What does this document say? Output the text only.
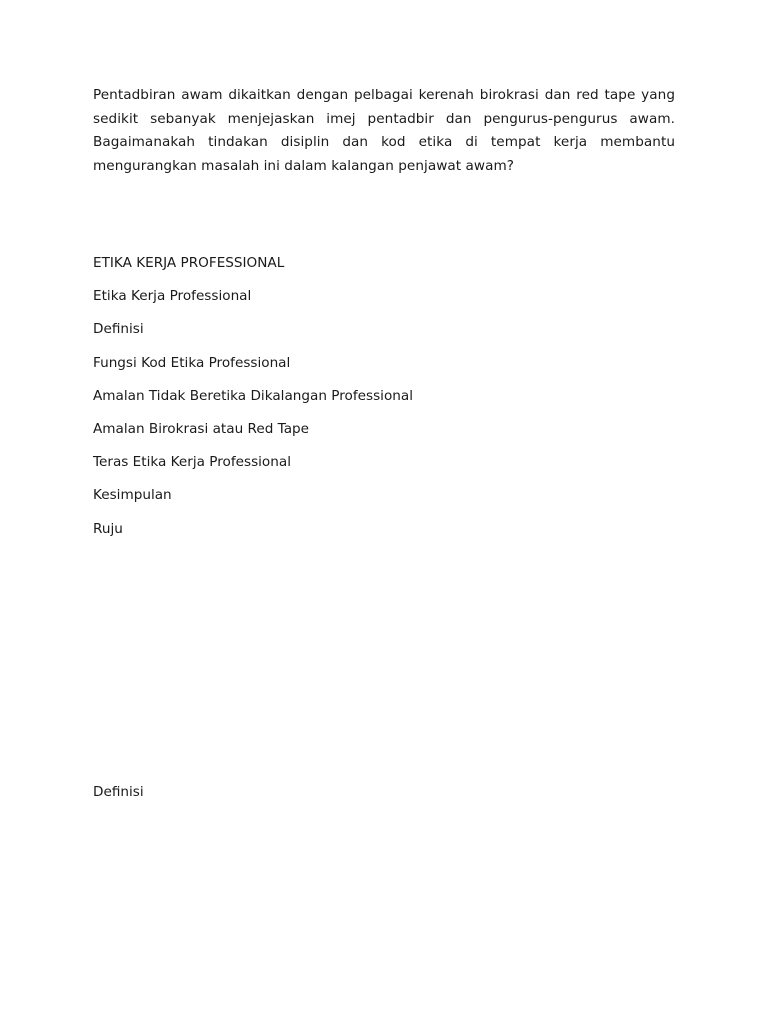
Pentadbiran awam dikaitkan dengan pelbagai kerenah birokrasi dan red tape yang sedikit sebanyak menjejaskan imej pentadbir dan pengurus-pengurus awam. Bagaimanakah tindakan disiplin dan kod etika di tempat kerja membantu mengurangkan masalah ini dalam kalangan penjawat awam?

ETIKA KERJA PROFESSIONAL
Etika Kerja Professional
Definisi
Fungsi Kod Etika Professional
Amalan Tidak Beretika Dikalangan Professional
Amalan Birokrasi atau Red Tape
Teras Etika Kerja Professional
Kesimpulan
Ruju
Definisi
